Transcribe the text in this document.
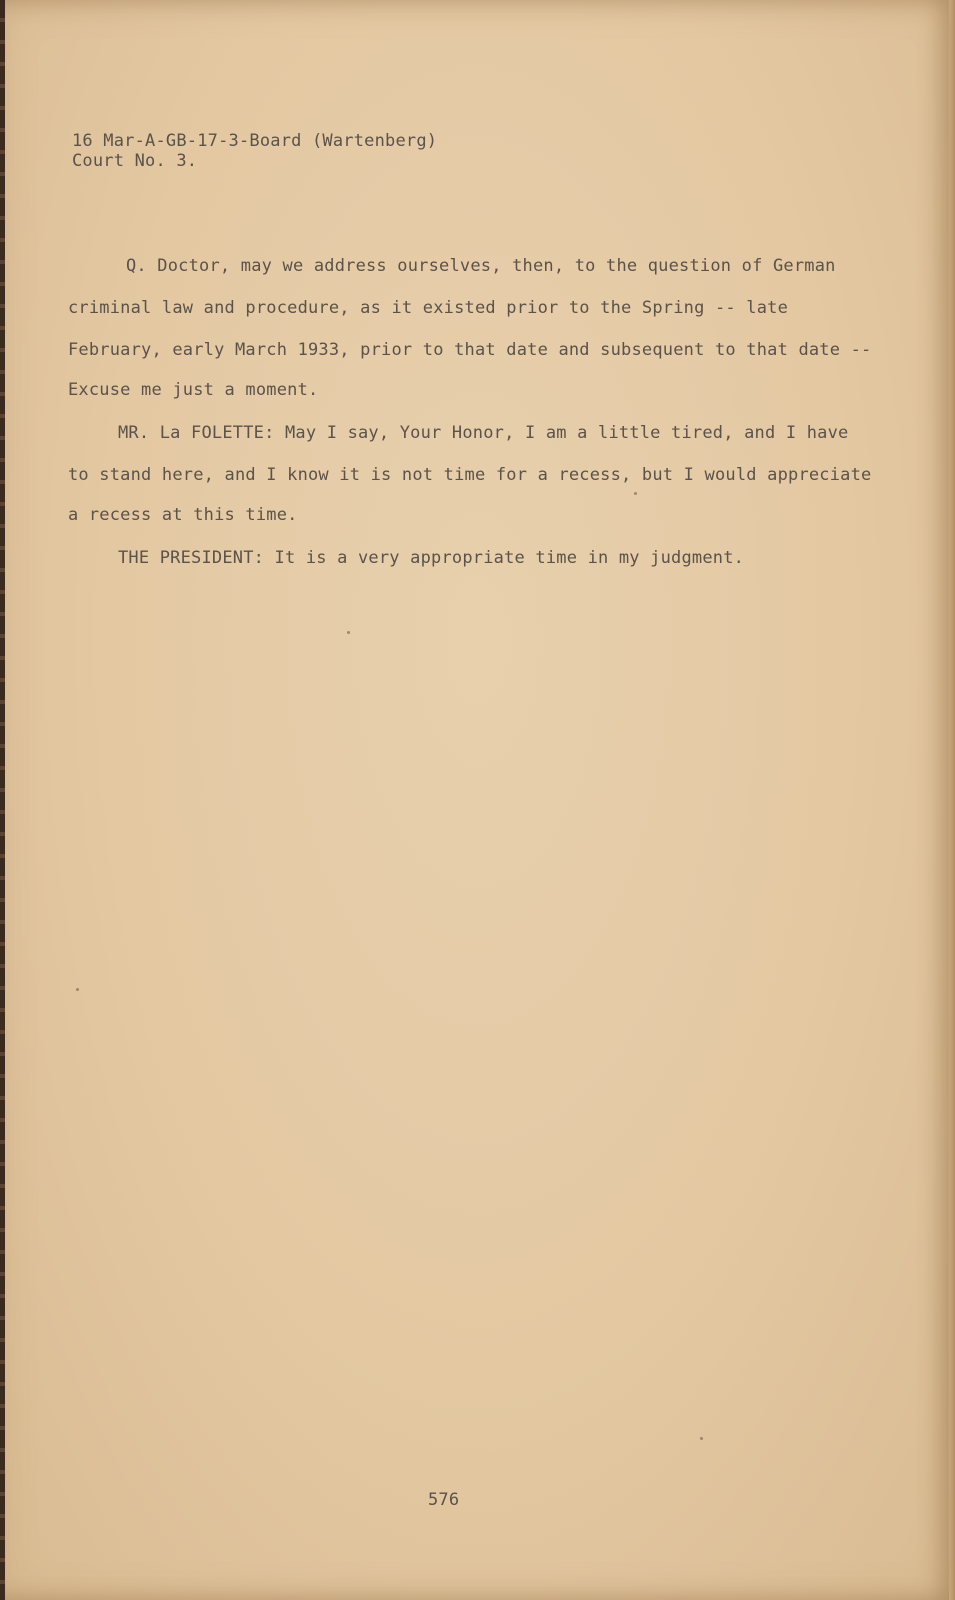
16 Mar-A-GB-17-3-Board (Wartenberg)
Court No. 3.
Q. Doctor, may we address ourselves, then, to the question of German
criminal law and procedure, as it existed prior to the Spring -- late
February, early March 1933, prior to that date and subsequent to that date --
Excuse me just a moment.
MR. La FOLETTE: May I say, Your Honor, I am a little tired, and I have
to stand here, and I know it is not time for a recess, but I would appreciate
a recess at this time.
THE PRESIDENT: It is a very appropriate time in my judgment.
576
